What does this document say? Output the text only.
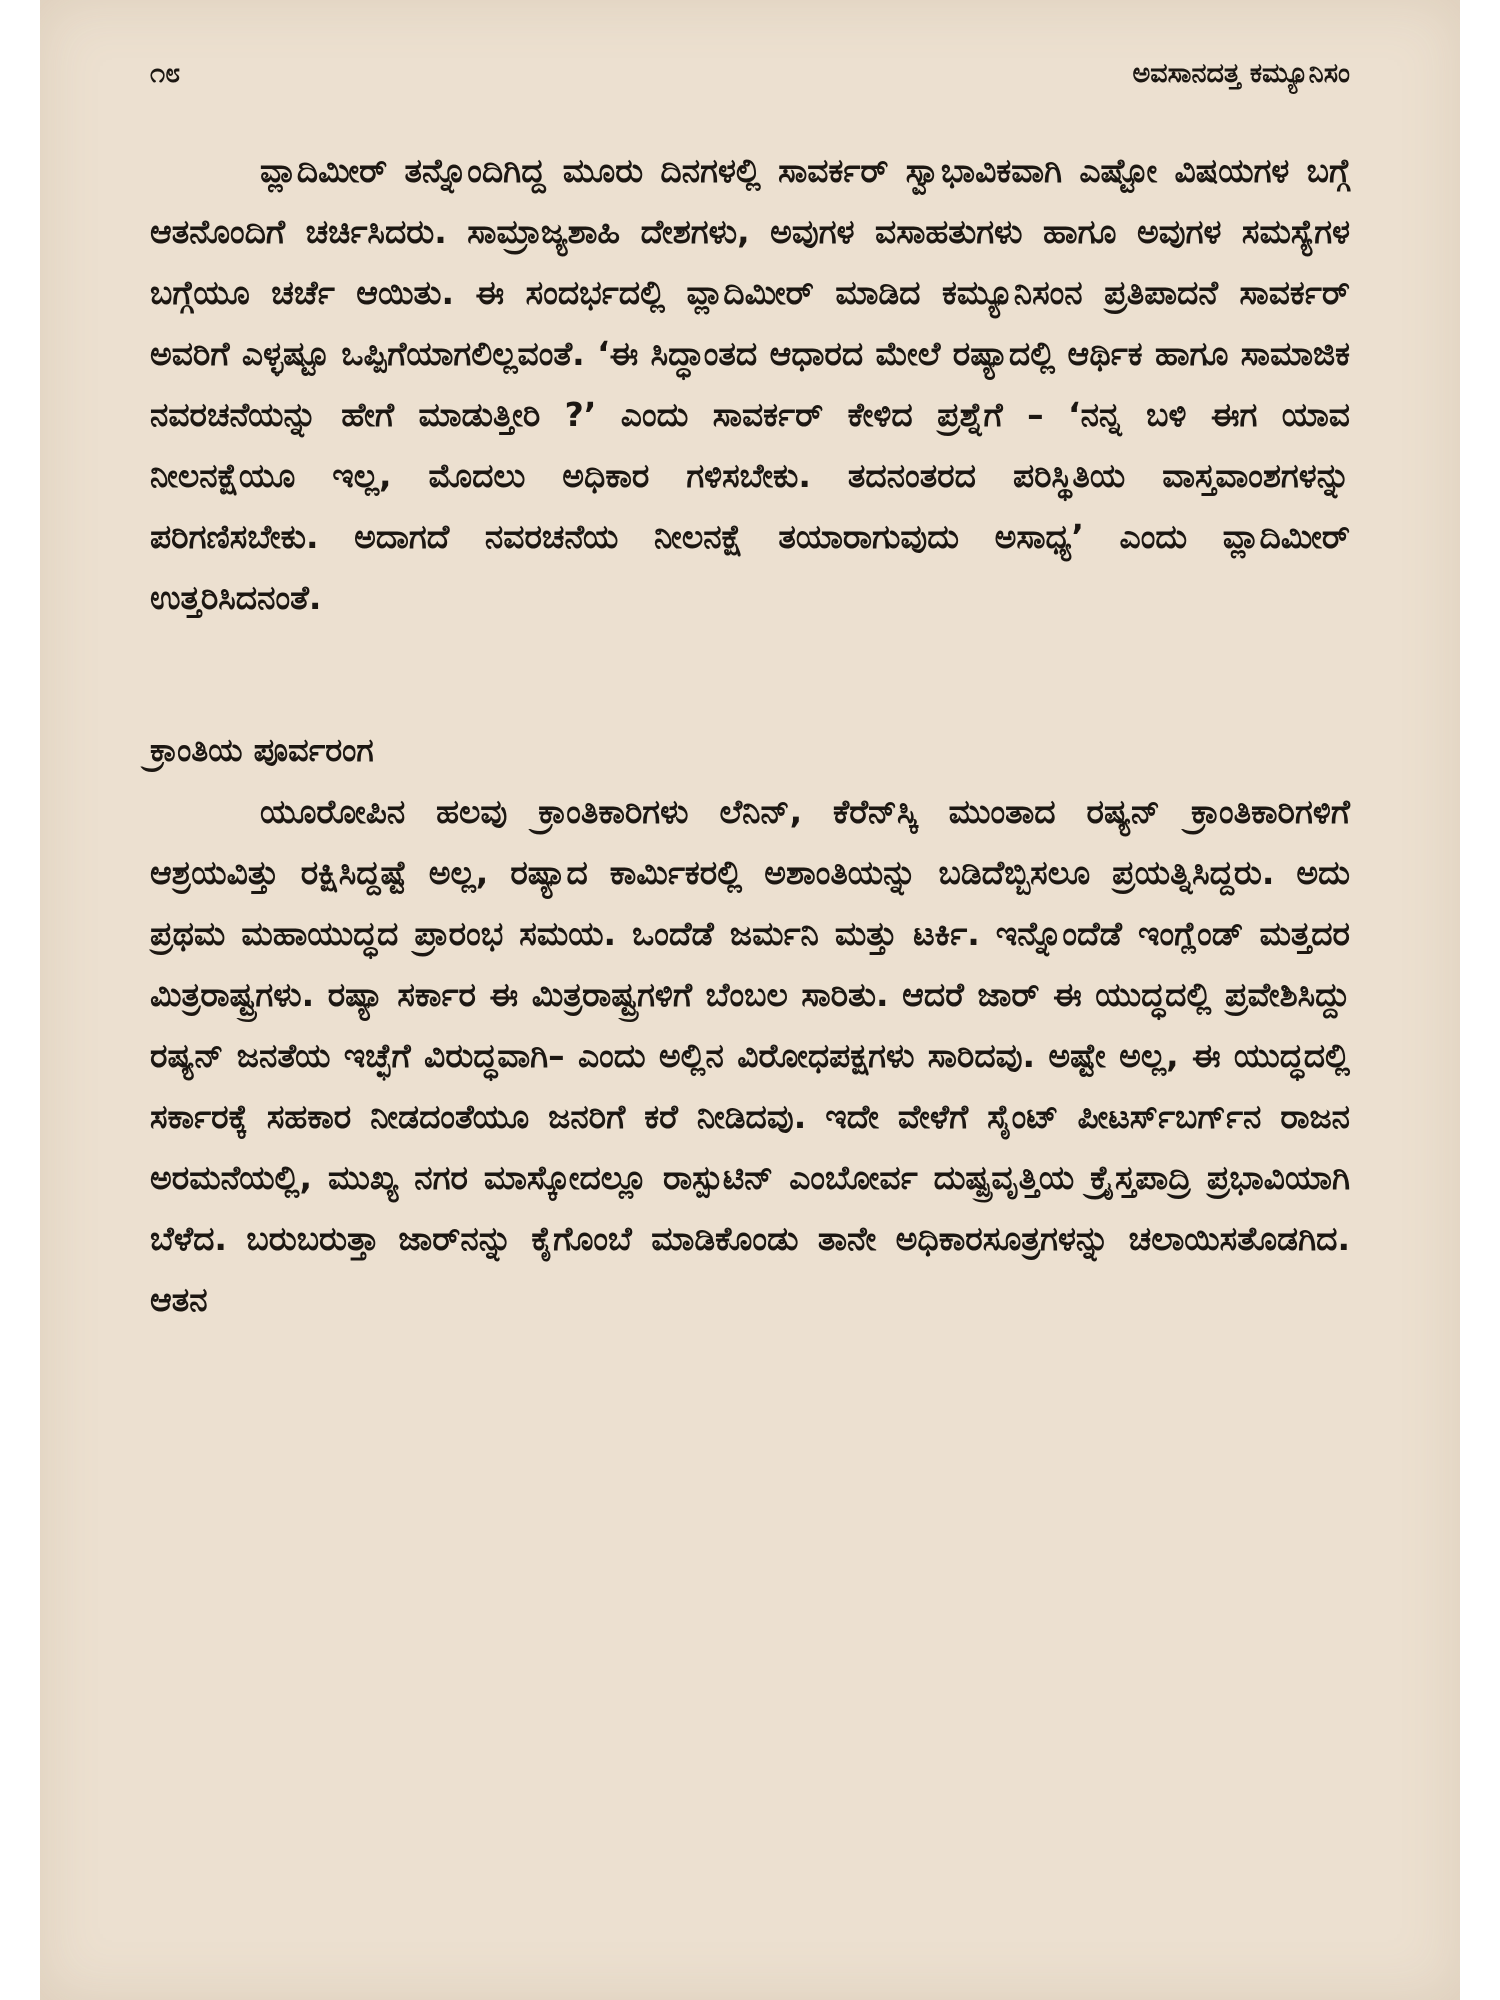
೧೮	ಅವಸಾನದತ್ತ ಕಮ್ಯೂನಿಸಂ

ವ್ಲಾದಿಮೀರ್ ತನ್ನೊಂದಿಗಿದ್ದ ಮೂರು ದಿನಗಳಲ್ಲಿ ಸಾವರ್ಕರ್ ಸ್ವಾಭಾವಿಕವಾಗಿ ಎಷ್ಟೋ ವಿಷಯಗಳ ಬಗ್ಗೆ ಆತನೊಂದಿಗೆ ಚರ್ಚಿಸಿದರು. ಸಾಮ್ರಾಜ್ಯಶಾಹಿ ದೇಶಗಳು, ಅವುಗಳ ವಸಾಹತುಗಳು ಹಾಗೂ ಅವುಗಳ ಸಮಸ್ಯೆಗಳ ಬಗ್ಗೆಯೂ ಚರ್ಚೆ ಆಯಿತು. ಈ ಸಂದರ್ಭದಲ್ಲಿ ವ್ಲಾದಿಮೀರ್ ಮಾಡಿದ ಕಮ್ಯೂನಿಸಂನ ಪ್ರತಿಪಾದನೆ ಸಾವರ್ಕರ್ ಅವರಿಗೆ ಎಳ್ಳಷ್ಟೂ ಒಪ್ಪಿಗೆಯಾಗಲಿಲ್ಲವಂತೆ. ‘ಈ ಸಿದ್ಧಾಂತದ ಆಧಾರದ ಮೇಲೆ ರಷ್ಯಾದಲ್ಲಿ ಆರ್ಥಿಕ ಹಾಗೂ ಸಾಮಾಜಿಕ ನವರಚನೆಯನ್ನು ಹೇಗೆ ಮಾಡುತ್ತೀರಿ ?’ ಎಂದು ಸಾವರ್ಕರ್ ಕೇಳಿದ ಪ್ರಶ್ನೆಗೆ – ‘ನನ್ನ ಬಳಿ ಈಗ ಯಾವ ನೀಲನಕ್ಷೆಯೂ ಇಲ್ಲ, ಮೊದಲು ಅಧಿಕಾರ ಗಳಿಸಬೇಕು. ತದನಂತರದ ಪರಿಸ್ಥಿತಿಯ ವಾಸ್ತವಾಂಶಗಳನ್ನು ಪರಿಗಣಿಸಬೇಕು. ಅದಾಗದೆ ನವರಚನೆಯ ನೀಲನಕ್ಷೆ ತಯಾರಾಗುವುದು ಅಸಾಧ್ಯ’ ಎಂದು ವ್ಲಾದಿಮೀರ್ ಉತ್ತರಿಸಿದನಂತೆ.

ಕ್ರಾಂತಿಯ ಪೂರ್ವರಂಗ

ಯೂರೋಪಿನ ಹಲವು ಕ್ರಾಂತಿಕಾರಿಗಳು ಲೆನಿನ್, ಕೆರೆನ್‌ಸ್ಕಿ ಮುಂತಾದ ರಷ್ಯನ್ ಕ್ರಾಂತಿಕಾರಿಗಳಿಗೆ ಆಶ್ರಯವಿತ್ತು ರಕ್ಷಿಸಿದ್ದಷ್ಟೆ ಅಲ್ಲ, ರಷ್ಯಾದ ಕಾರ್ಮಿಕರಲ್ಲಿ ಅಶಾಂತಿಯನ್ನು ಬಡಿದೆಬ್ಬಿಸಲೂ ಪ್ರಯತ್ನಿಸಿದ್ದರು. ಅದು ಪ್ರಥಮ ಮಹಾಯುದ್ಧದ ಪ್ರಾರಂಭ ಸಮಯ. ಒಂದೆಡೆ ಜರ್ಮನಿ ಮತ್ತು ಟರ್ಕಿ. ಇನ್ನೊಂದೆಡೆ ಇಂಗ್ಲೆಂಡ್ ಮತ್ತದರ ಮಿತ್ರರಾಷ್ಟ್ರಗಳು. ರಷ್ಯಾ ಸರ್ಕಾರ ಈ ಮಿತ್ರರಾಷ್ಟ್ರಗಳಿಗೆ ಬೆಂಬಲ ಸಾರಿತು. ಆದರೆ ಜಾರ್ ಈ ಯುದ್ಧದಲ್ಲಿ ಪ್ರವೇಶಿಸಿದ್ದು ರಷ್ಯನ್ ಜನತೆಯ ಇಚ್ಛೆಗೆ ವಿರುದ್ಧವಾಗಿ– ಎಂದು ಅಲ್ಲಿನ ವಿರೋಧಪಕ್ಷಗಳು ಸಾರಿದವು. ಅಷ್ಟೇ ಅಲ್ಲ, ಈ ಯುದ್ಧದಲ್ಲಿ ಸರ್ಕಾರಕ್ಕೆ ಸಹಕಾರ ನೀಡದಂತೆಯೂ ಜನರಿಗೆ ಕರೆ ನೀಡಿದವು. ಇದೇ ವೇಳೆಗೆ ಸೈಂಟ್ ಪೀಟರ್ಸ್‌ಬರ್ಗ್‌ನ ರಾಜನ ಅರಮನೆಯಲ್ಲಿ, ಮುಖ್ಯ ನಗರ ಮಾಸ್ಕೋದಲ್ಲೂ ರಾಸ್ಪುಟಿನ್ ಎಂಬೋರ್ವ ದುಷ್ಪ್ರವೃತ್ತಿಯ ಕ್ರೈಸ್ತಪಾದ್ರಿ ಪ್ರಭಾವಿಯಾಗಿ ಬೆಳೆದ. ಬರುಬರುತ್ತಾ ಜಾರ್‌ನನ್ನು ಕೈಗೊಂಬೆ ಮಾಡಿಕೊಂಡು ತಾನೇ ಅಧಿಕಾರಸೂತ್ರಗಳನ್ನು ಚಲಾಯಿಸತೊಡಗಿದ. ಆತನ
